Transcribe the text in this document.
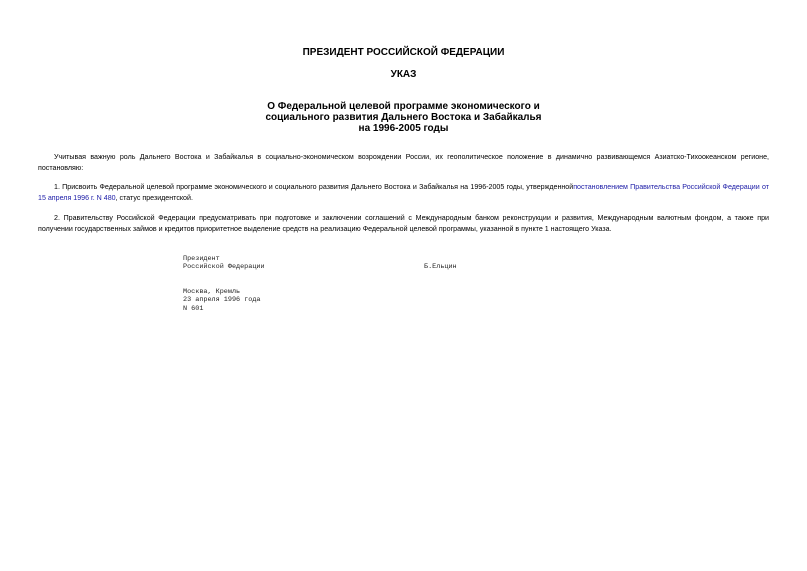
ПРЕЗИДЕНТ РОССИЙСКОЙ ФЕДЕРАЦИИ
УКАЗ
О Федеральной целевой программе экономического и
социального развития Дальнего Востока и Забайкалья
на 1996-2005 годы

Учитывая важную роль Дальнего Востока и Забайкалья в социально-экономическом возрождении России, их геополитическое положение в динамично развивающемся Азиатско-Тихоокеанском регионе, постановляю:

1. Присвоить Федеральной целевой программе экономического и социального развития Дальнего Востока и Забайкалья на 1996-2005 годы, утвержденнойпостановлением Правительства Российской Федерации от 15 апреля 1996 г. N 480, статус президентской.

2. Правительству Российской Федерации предусматривать при подготовке и заключении соглашений с Международным банком реконструкции и развития, Международным валютным фондом, а также при получении государственных займов и кредитов приоритетное выделение средств на реализацию Федеральной целевой программы, указанной в пункте 1 настоящего Указа.

Президент
Российской Федерации	Б.Ельцин
Москва, Кремль
23 апреля 1996 года
N 601
